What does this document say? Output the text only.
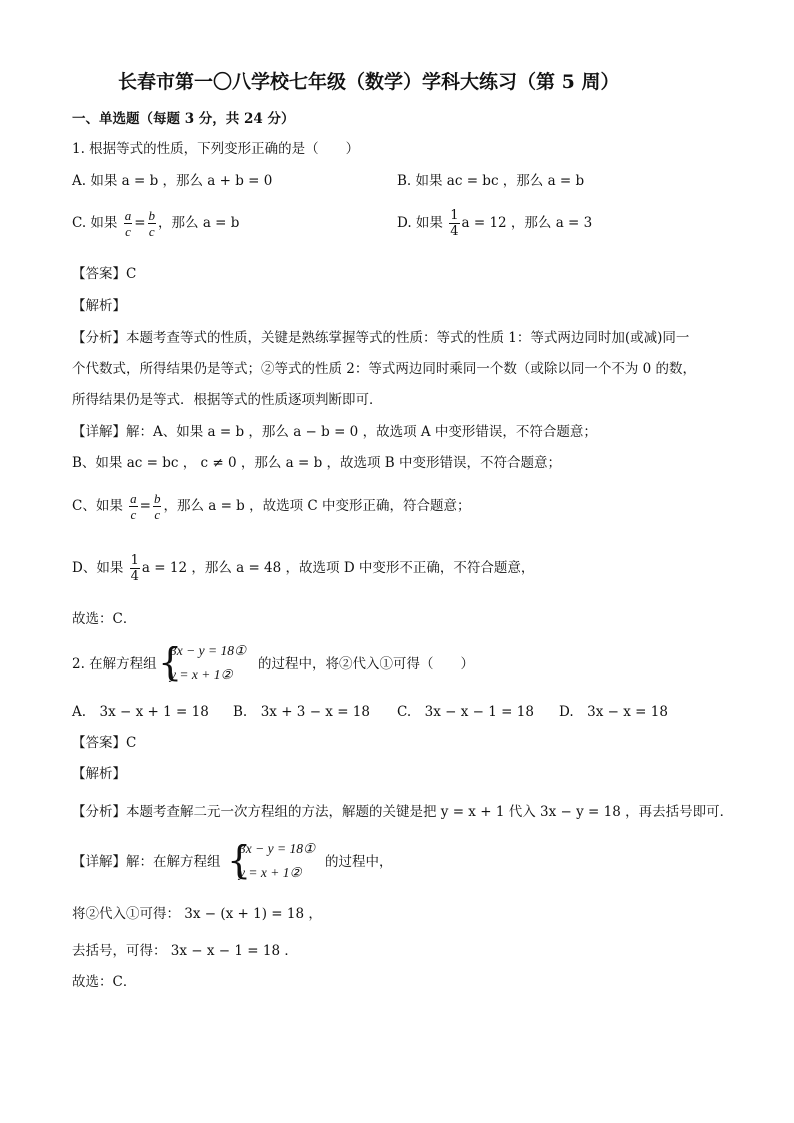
长春市第一〇八学校七年级（数学）学科大练习（第 5 周）
一、单选题（每题 3 分，共 24 分）
1. 根据等式的性质，下列变形正确的是（　　）
A. 如果 a = b ，那么 a + b = 0	B. 如果 ac = bc ，那么 a = b
C. 如果 $\frac{a}{c} = \frac{b}{c}$ ，那么 a = b	D. 如果 $\frac{1}{4}$ a = 12 ，那么 a = 3
【答案】C
【解析】
【分析】本题考查等式的性质，关键是熟练掌握等式的性质：等式的性质 1：等式两边同时加(或减)同一
个代数式，所得结果仍是等式；②等式的性质 2：等式两边同时乘同一个数（或除以同一个不为 0 的数，
所得结果仍是等式．根据等式的性质逐项判断即可．
【详解】解：A、如果 a = b ，那么 a − b = 0 ，故选项 A 中变形错误，不符合题意；
B、如果 ac = bc ， c ≠ 0 ，那么 a = b ，故选项 B 中变形错误，不符合题意；
C、如果 $\frac{a}{c} = \frac{b}{c}$ ，那么 a = b ，故选项 C 中变形正确，符合题意；
D、如果 $\frac{1}{4}$ a = 12 ，那么 a = 48 ，故选项 D 中变形不正确，不符合题意，
故选：C．
2. 在解方程组 {
3x − y = 18①
y = x + 1②
的过程中，将②代入①可得（　　）
A.　3x − x + 1 = 18 B.　3x + 3 − x = 18 C.　3x − x − 1 = 18 D.　3x − x = 18
【答案】C
【解析】
【分析】本题考查解二元一次方程组的方法，解题的关键是把 y = x + 1 代入 3x − y = 18 ，再去括号即可．
【详解】解：在解方程组 {
3x − y = 18①
y = x + 1②
的过程中，
将②代入①可得： 3x − (x + 1) = 18 ，
去括号，可得： 3x − x − 1 = 18 ．
故选：C．
